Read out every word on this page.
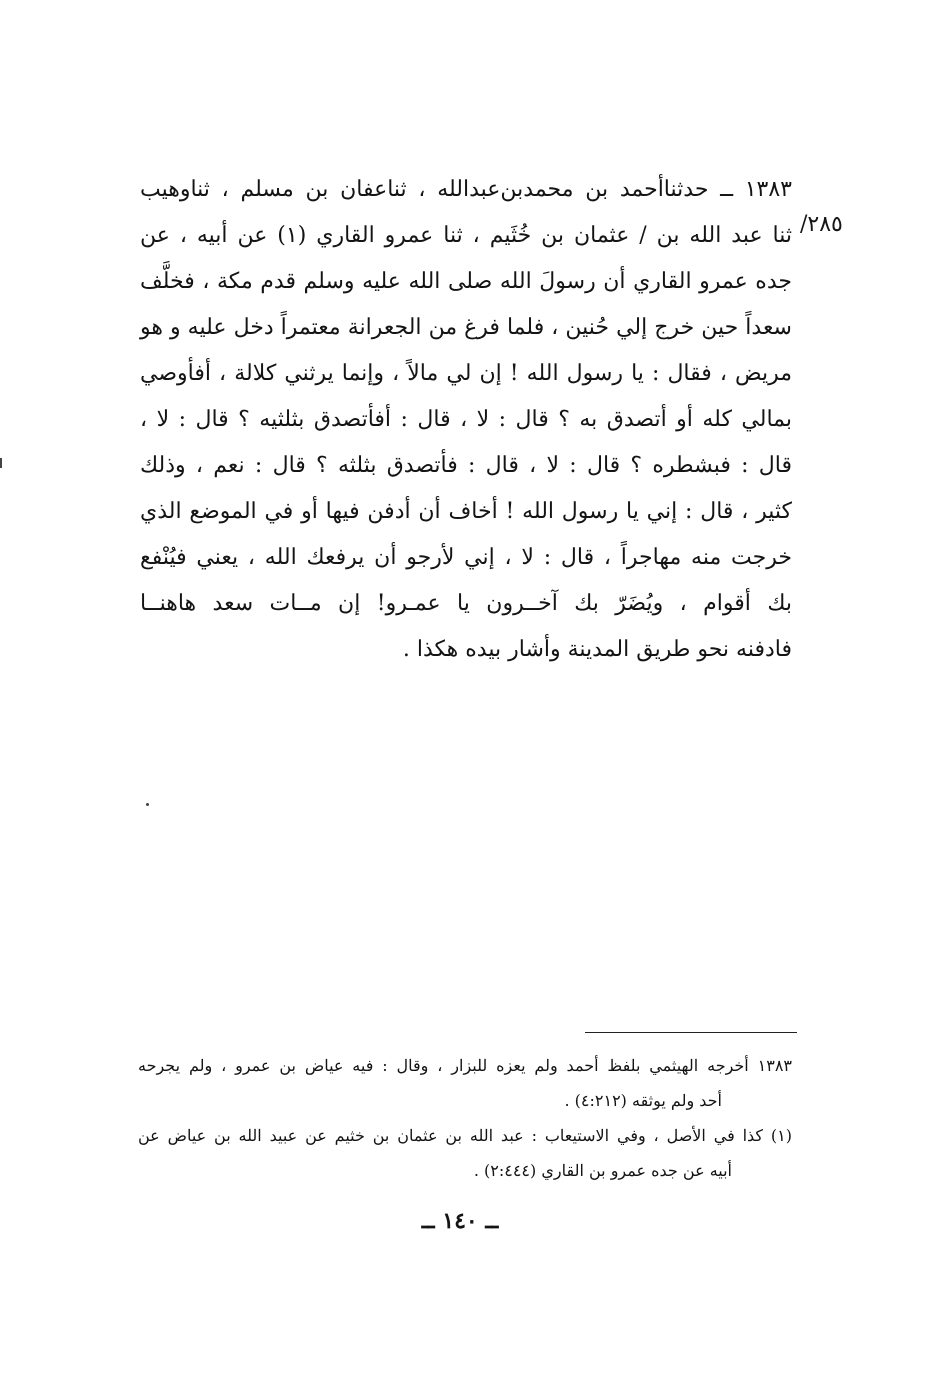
٢٨٥/
١٣٨٣ ــ حدثناأحمد بن محمدبن‌عبدالله ، ثناعفان بن مسلم ، ثناوهيب
ثنا عبد الله بن / عثمان بن خُثَيم ، ثنا عمرو القاري (١) عن أبيه ، عن
جده عمرو القاري أن رسولَ الله صلى الله عليه وسلم قدم مكة ، فخلَّف
سعداً حين خرج إلي حُنين ، فلما فرغ من الجعرانة معتمراً دخل عليه و هو
مريض ، فقال : يا رسول الله ! إن لي مالاً ، وإنما يرثني كلالة ، أفأوصي
بمالي كله أو أتصدق به ؟ قال : لا ، قال : أفأتصدق بثلثيه ؟ قال : لا ،
قال : فبشطره ؟ قال : لا ، قال : فأتصدق بثلثه ؟ قال : نعم ، وذلك
كثير ، قال : إني يا رسول الله ! أخاف أن أدفن فيها أو في الموضع الذي
خرجت منه مهاجراً ، قال : لا ، إني لأرجو أن يرفعك الله ، يعني فيُنْفع
بك أقوام ، ويُضَرّ بك آخــرون يا عمـرو! إن مــات سعد هاهنــا
فادفنه نحو طريق المدينة وأشار بيده هكذا .
١٣٨٣ أخرجه الهيثمي بلفظ أحمد ولم يعزه للبزار ، وقال : فيه عياض بن عمرو ، ولم يجرحه
أحد ولم يوثقه (٤:٢١٢) .
(١) كذا في الأصل ، وفي الاستيعاب : عبد الله بن عثمان بن خثيم عن عبيد الله بن عياض عن
أبيه عن جده عمرو بن القاري (٢:٤٤٤) .
ــ ١٤٠ ــ
